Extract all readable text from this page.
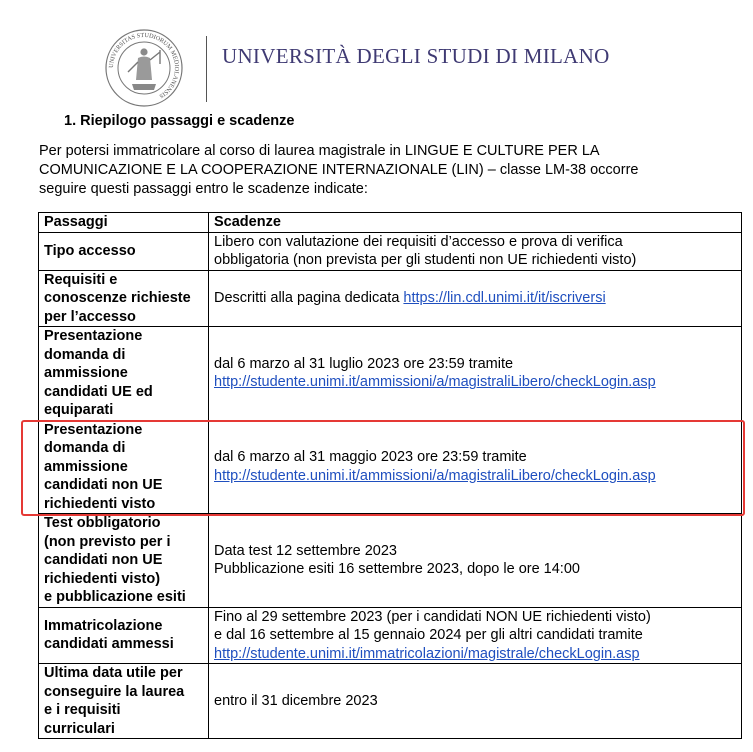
UNIVERSITAS STUDIORUM MEDIOLANENSIS
UNIVERSITÀ DEGLI STUDI DI MILANO
1. Riepilogo passaggi e scadenze
Per potersi immatricolare al corso di laurea magistrale in LINGUE E CULTURE PER LA
COMUNICAZIONE E LA COOPERAZIONE INTERNAZIONALE (LIN) – classe LM-38 occorre
seguire questi passaggi entro le scadenze indicate:
Passaggi	Scadenze

Tipo accesso	Libero con valutazione dei requisiti d’accesso e prova di verifica
obbligatoria (non prevista per gli studenti non UE richiedenti visto)

Requisiti e
conoscenze richieste
per l’accesso	Descritti alla pagina dedicata https://lin.cdl.unimi.it/it/iscriversi

Presentazione
domanda di
ammissione
candidati UE ed
equiparati	dal 6 marzo al 31 luglio 2023 ore 23:59 tramite
http://studente.unimi.it/ammissioni/a/magistraliLibero/checkLogin.asp

Presentazione
domanda di
ammissione
candidati non UE
richiedenti visto	dal 6 marzo al 31 maggio 2023 ore 23:59 tramite
http://studente.unimi.it/ammissioni/a/magistraliLibero/checkLogin.asp

Test obbligatorio
(non previsto per i
candidati non UE
richiedenti visto)
e pubblicazione esiti	Data test 12 settembre 2023
Pubblicazione esiti 16 settembre 2023, dopo le ore 14:00

Immatricolazione
candidati ammessi	Fino al 29 settembre 2023 (per i candidati NON UE richiedenti visto)
e dal 16 settembre al 15 gennaio 2024 per gli altri candidati tramite
http://studente.unimi.it/immatricolazioni/magistrale/checkLogin.asp

Ultima data utile per
conseguire la laurea
e i requisiti
curriculari	entro il 31 dicembre 2023
